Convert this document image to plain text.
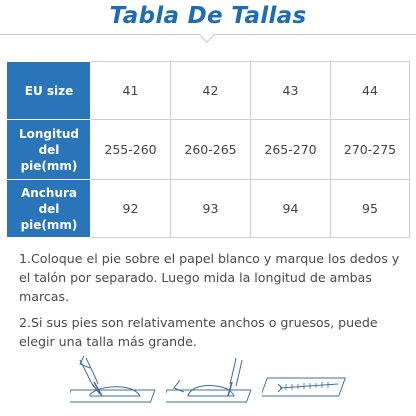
Tabla De Tallas
EU size	41	42	43	44
Longitud
del pie(mm)	255-260	260-265	265-270	270-275
Anchura
del pie(mm)	92	93	94	95

1.Coloque el pie sobre el papel blanco y marque los dedos y el talón por separado. Luego mida la longitud de ambas marcas.

2.Si sus pies son relativamente anchos o gruesos, puede elegir una talla más grande.
